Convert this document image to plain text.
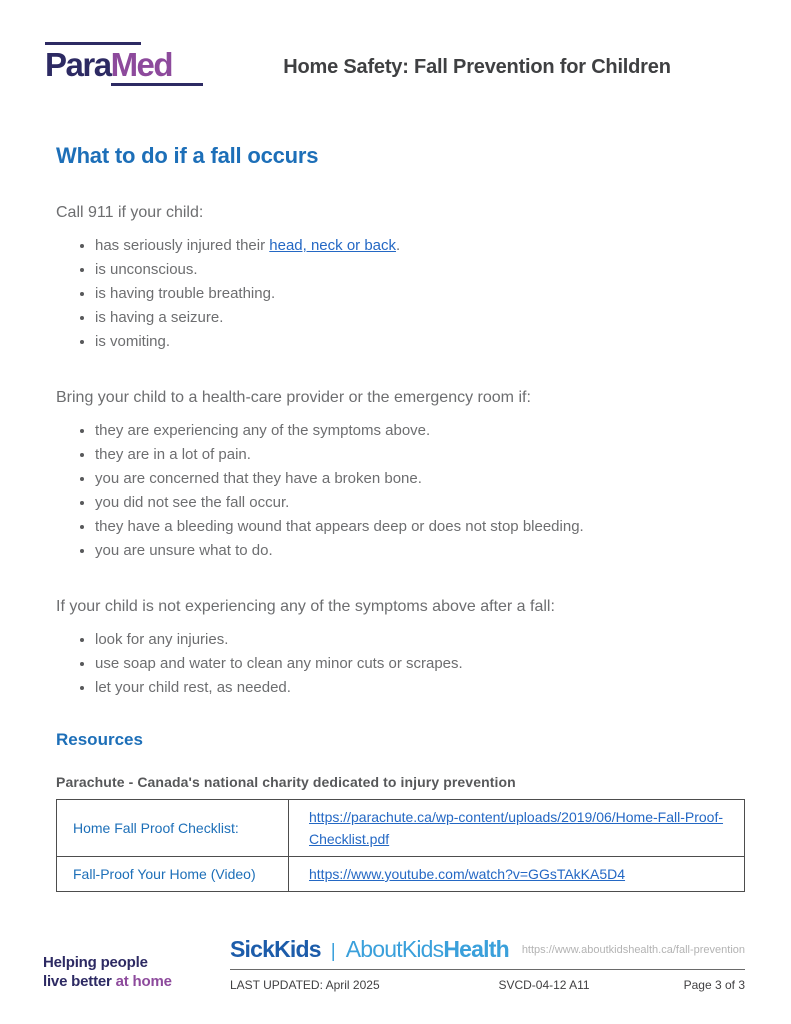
ParaMed	Home Safety: Fall Prevention for Children
What to do if a fall occurs

Call 911 if your child:

• has seriously injured their head, neck or back.
• is unconscious.
• is having trouble breathing.
• is having a seizure.
• is vomiting.

Bring your child to a health-care provider or the emergency room if:

• they are experiencing any of the symptoms above.
• they are in a lot of pain.
• you are concerned that they have a broken bone.
• you did not see the fall occur.
• they have a bleeding wound that appears deep or does not stop bleeding.
• you are unsure what to do.

If your child is not experiencing any of the symptoms above after a fall:

• look for any injuries.
• use soap and water to clean any minor cuts or scrapes.
• let your child rest, as needed.
Resources

Parachute - Canada's national charity dedicated to injury prevention

Home Fall Proof Checklist:	https://parachute.ca/wp-content/uploads/2019/06/Home-Fall-Proof-Checklist.pdf
Fall-Proof Your Home (Video)	https://www.youtube.com/watch?v=GGsTAkKA5D4
Helping people
live better at home
SickKids | AboutKidsHealth https://www.aboutkidshealth.ca/fall-prevention
LAST UPDATED: April 2025	SVCD-04-12 A11	Page 3 of 3
